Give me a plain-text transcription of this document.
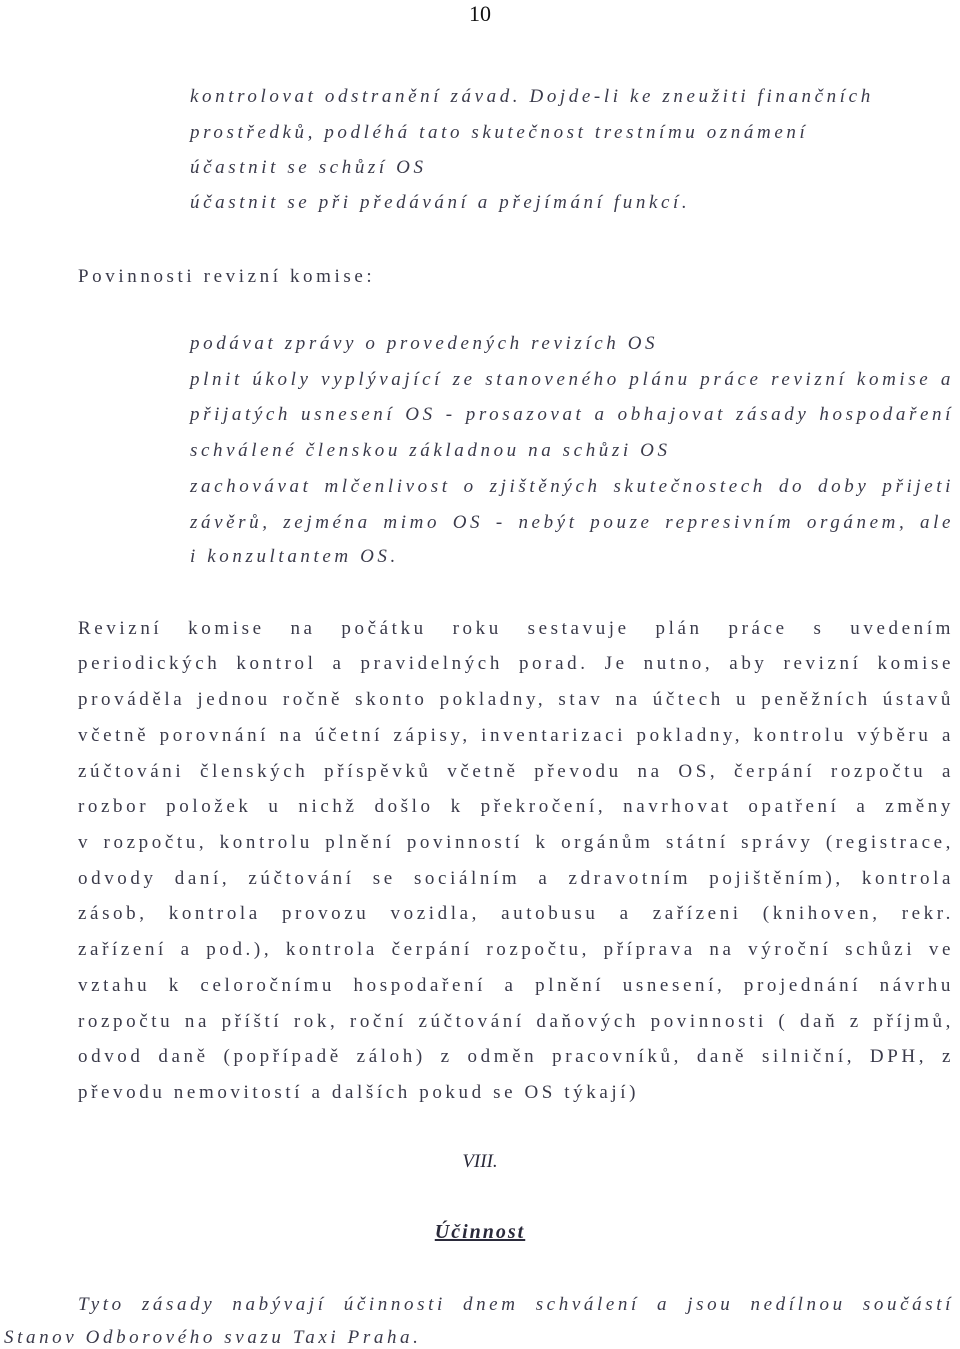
10
kontrolovat odstranění závad. Dojde-li ke zneužiti finančních
prostředků, podléhá tato skutečnost trestnímu oznámení
účastnit se schůzí OS
účastnit se při předávání a přejímání funkcí.
Povinnosti revizní komise:
podávat zprávy o provedených revizích OS
plnit úkoly vyplývající ze stanoveného plánu práce revizní komise a
přijatých usnesení OS - prosazovat a obhajovat zásady hospodaření
schválené členskou základnou na schůzi OS
zachovávat mlčenlivost o zjištěných skutečnostech do doby přijeti
závěrů, zejména mimo OS - nebýt pouze represivním orgánem, ale
i konzultantem OS.
Revizní komise na počátku roku sestavuje plán práce s uvedením
periodických kontrol a pravidelných porad. Je nutno, aby revizní komise
prováděla jednou ročně skonto pokladny, stav na účtech u peněžních ústavů
včetně porovnání na účetní zápisy, inventarizaci pokladny, kontrolu výběru a
zúčtováni členských příspěvků včetně převodu na OS, čerpání rozpočtu a
rozbor položek u nichž došlo k překročení, navrhovat opatření a změny
v rozpočtu, kontrolu plnění povinností k orgánům státní správy (registrace,
odvody daní, zúčtování se sociálním a zdravotním pojištěním), kontrola
zásob, kontrola provozu vozidla, autobusu a zařízeni (knihoven, rekr.
zařízení a pod.), kontrola čerpání rozpočtu, příprava na výroční schůzi ve
vztahu k celoročnímu hospodaření a plnění usnesení, projednání návrhu
rozpočtu na příští rok, roční zúčtování daňových povinnosti ( daň z příjmů,
odvod daně (popřípadě záloh) z odměn pracovníků, daně silniční, DPH, z
převodu nemovitostí a dalších pokud se OS týkají)
VIII.
Účinnost
Tyto zásady nabývají účinnosti dnem schválení a jsou nedílnou součástí
Stanov Odborového svazu Taxi Praha.
